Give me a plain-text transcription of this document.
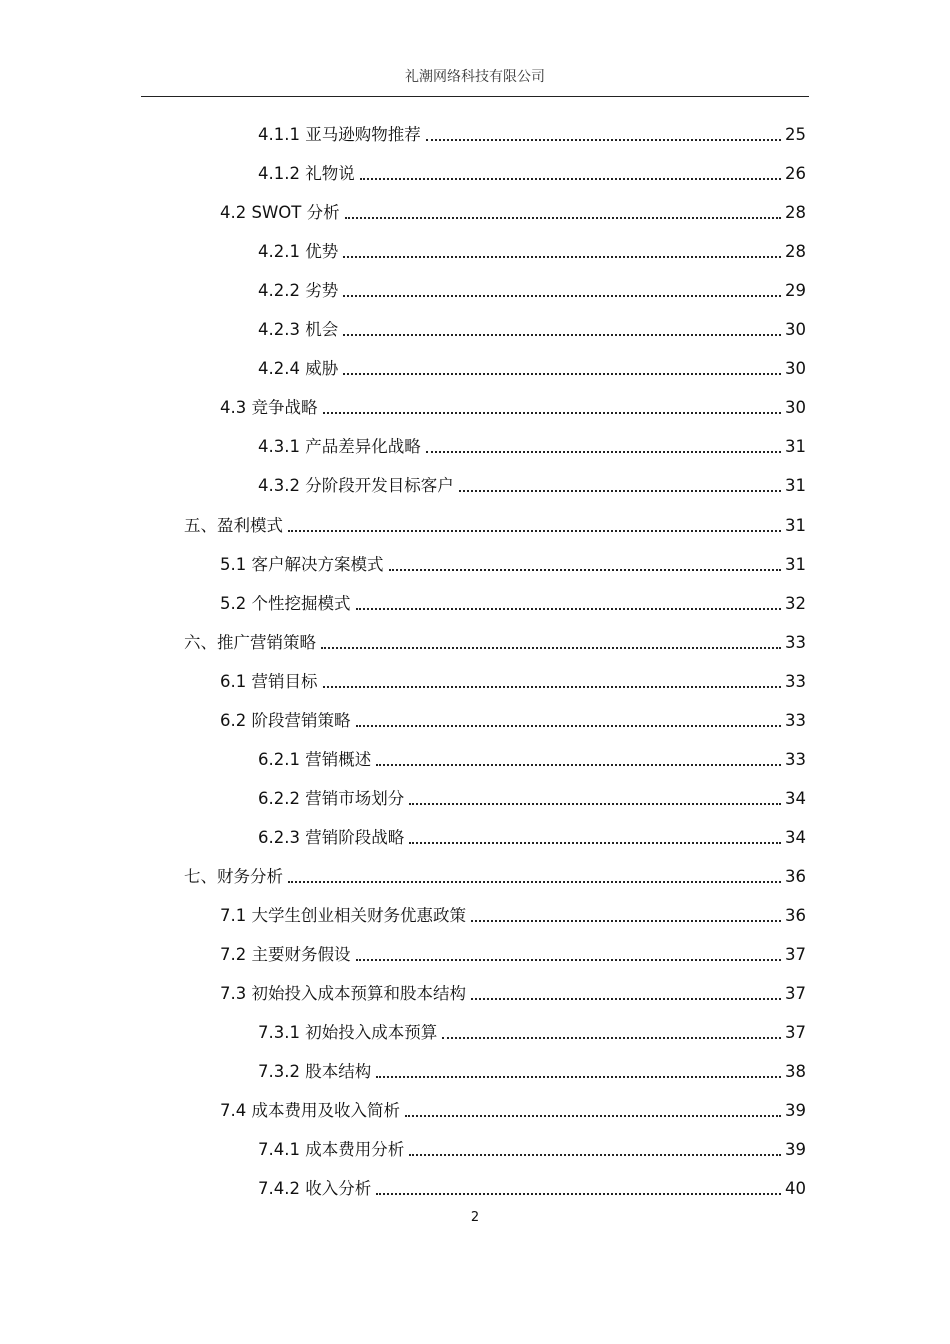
礼潮网络科技有限公司
4.1.1 亚马逊购物推荐	25
4.1.2 礼物说	26
4.2 SWOT 分析	28
4.2.1 优势	28
4.2.2 劣势	29
4.2.3 机会	30
4.2.4 威胁	30
4.3 竞争战略	30
4.3.1 产品差异化战略	31
4.3.2 分阶段开发目标客户	31
五、盈利模式	31
5.1 客户解决方案模式	31
5.2 个性挖掘模式	32
六、推广营销策略	33
6.1 营销目标	33
6.2 阶段营销策略	33
6.2.1 营销概述	33
6.2.2 营销市场划分	34
6.2.3 营销阶段战略	34
七、财务分析	36
7.1 大学生创业相关财务优惠政策	36
7.2 主要财务假设	37
7.3 初始投入成本预算和股本结构	37
7.3.1 初始投入成本预算	37
7.3.2 股本结构	38
7.4 成本费用及收入简析	39
7.4.1 成本费用分析	39
7.4.2 收入分析	40
2
